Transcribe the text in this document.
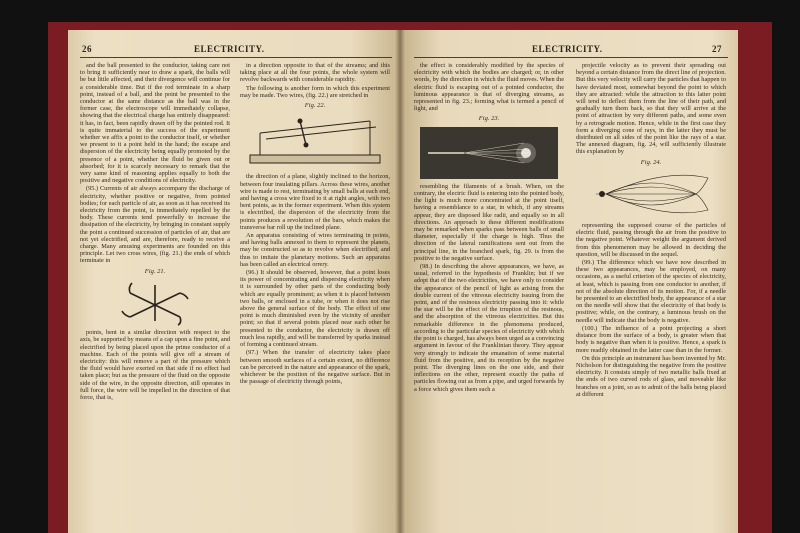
26	ELECTRICITY.

and the ball presented to the conductor, taking care not to bring it sufficiently near to draw a spark, the balls will be but little affected, and their divergence will continue for a considerable time. But if the rod terminate in a sharp point, instead of a ball, and the point be presented to the conductor at the same distance as the ball was in the former case, the electroscope will immediately collapse, showing that the electrical charge has entirely disappeared: it has, in fact, been rapidly drawn off by the pointed rod. It is quite immaterial to the success of the experiment whether we affix a point to the conductor itself, or whether we present to it a point held in the hand; the escape and dispersion of the electricity being equally promoted by the presence of a point, whether the fluid be given out or absorbed; for it is scarcely necessary to remark that the very same kind of reasoning applies equally to both the positive and negative conditions of electricity.

(95.) Currents of air always accompany the discharge of electricity, whether positive or negative, from pointed bodies; for each particle of air, as soon as it has received its electricity from the point, is immediately repelled by the body. These currents tend powerfully to increase the dissipation of the electricity, by bringing in constant supply the point a continued succession of particles of air, that are not yet electrified, and are, therefore, ready to receive a charge. Many amusing experiments are founded on this principle. Let two cross wires, (fig. 21.) the ends of which terminate in

Fig. 21.

points, bent in a similar direction with respect to the axis, be supported by means of a cap upon a fine point, and electrified by being placed upon the prime conductor of a machine. Each of the points will give off a stream of electricity: this will remove a part of the pressure which the fluid would have exerted on that side if no effect had taken place; but as the pressure of the fluid on the opposite side of the wire, in the opposite direction, still operates in full force, the wire will be impelled in the direction of that force, that is,

in a direction opposite to that of the streams; and this taking place at all the four points, the whole system will revolve backwards with considerable rapidity.

The following is another form in which this experiment may be made. Two wires, (fig. 22.) are stretched in

Fig. 22.

the direction of a plane, slightly inclined to the horizon, between four insulating pillars. Across these wires, another wire is made to rest, terminating by small balls at each end, and having a cross wire fixed to it at right angles, with two bent points, as in the former experiment. When this system is electrified, the dispersion of the electricity from the points produces a revolution of the bars, which makes the transverse bar roll up the inclined plane.

An apparatus consisting of wires terminating in points, and having balls annexed to them to represent the planets, may be constructed so as to revolve when electrified; and thus to imitate the planetary motions. Such an apparatus has been called an electrical orrery.

(96.) It should be observed, however, that a point loses its power of concentrating and dispersing electricity when it is surrounded by other parts of the conducting body which are equally prominent; as when it is placed between two balls, or enclosed in a tube, or when it does not rise above the general surface of the body. The effect of one point is much diminished even by the vicinity of another point; so that if several points placed near each other be presented to the conductor, the electricity is drawn off much less rapidly, and will be transferred by sparks instead of forming a continued stream.

(97.) When the transfer of electricity takes place between smooth surfaces of a certain extent, no difference can be perceived in the nature and appearance of the spark, whichever be the position of the negative surface. But in the passage of electricity through points,

ELECTRICITY.	27

the effect is considerably modified by the species of electricity with which the bodies are charged; or, in other words, by the direction in which the fluid moves. When the electric fluid is escaping out of a pointed conductor, the luminous appearance is that of diverging streams, as represented in fig. 23.; forming what is termed a pencil of light, and

Fig. 23.

resembling the filaments of a brush. When, on the contrary, the electric fluid is entering into the pointed body, the light is much more concentrated at the point itself, having a resemblance to a star, in which, if any streams appear, they are disposed like radii, and equally so in all directions. An approach to these different modifications may be remarked when sparks pass between balls of small diameter, especially if the charge is high. Thus the direction of the lateral ramifications sent out from the principal line, in the branched spark, fig. 29. is from the positive to the negative surface.

(98.) In describing the above appearances, we have, as usual, referred to the hypothesis of Franklin; but if we adopt that of the two electricities, we have only to consider the appearance of the pencil of light as arising from the double current of the vitreous electricity issuing from the point, and of the resinous electricity passing into it: while the star will be the effect of the irruption of the resinous, and the absorption of the vitreous electricities. But this remarkable difference in the phenomena produced, according to the particular species of electricity with which the point is charged, has always been urged as a convincing argument in favour of the Franklinian theory. They appear very strongly to indicate the emanation of some material fluid from the positive, and its reception by the negative point. The diverging lines on the one side, and their inflections on the other, represent exactly the paths of particles flowing out as from a pipe, and urged forwards by a force which gives them such a

projectile velocity as to prevent their spreading out beyond a certain distance from the direct line of projection. But this very velocity will carry the particles that happen to have deviated most, somewhat beyond the point to which they are attracted: while the attraction to this latter point will tend to deflect them from the line of their path, and gradually turn them back, so that they will arrive at the point of attraction by very different paths, and some even by a retrograde motion. Hence, while in the first case they form a diverging cone of rays, in the latter they must be distributed on all sides of the point like the rays of a star. The annexed diagram, fig. 24, will sufficiently illustrate this explanation by

Fig. 24.

representing the supposed course of the particles of electric fluid, passing through the air from the positive to the negative point. Whatever weight the argument derived from this phenomenon may be allowed in deciding the question, will be discussed in the sequel.

(99.) The difference which we have now described in these two appearances, may be employed, on many occasions, as a useful criterion of the species of electricity, at least, which is passing from one conductor to another, if not of the absolute direction of its motion. For, if a needle be presented to an electrified body, the appearance of a star on the needle will show that the electricity of that body is positive; while, on the contrary, a luminous brush on the needle will indicate that the body is negative.

(100.) The influence of a point projecting a short distance from the surface of a body, is greater when that body is negative than when it is positive. Hence, a spark is more readily obtained in the latter case than in the former.

On this principle an instrument has been invented by Mr. Nicholson for distinguishing the negative from the positive electricity. It consists simply of two metallic balls fixed at the ends of two curved rods of glass, and moveable like branches on a joint, so as to admit of the balls being placed at different
